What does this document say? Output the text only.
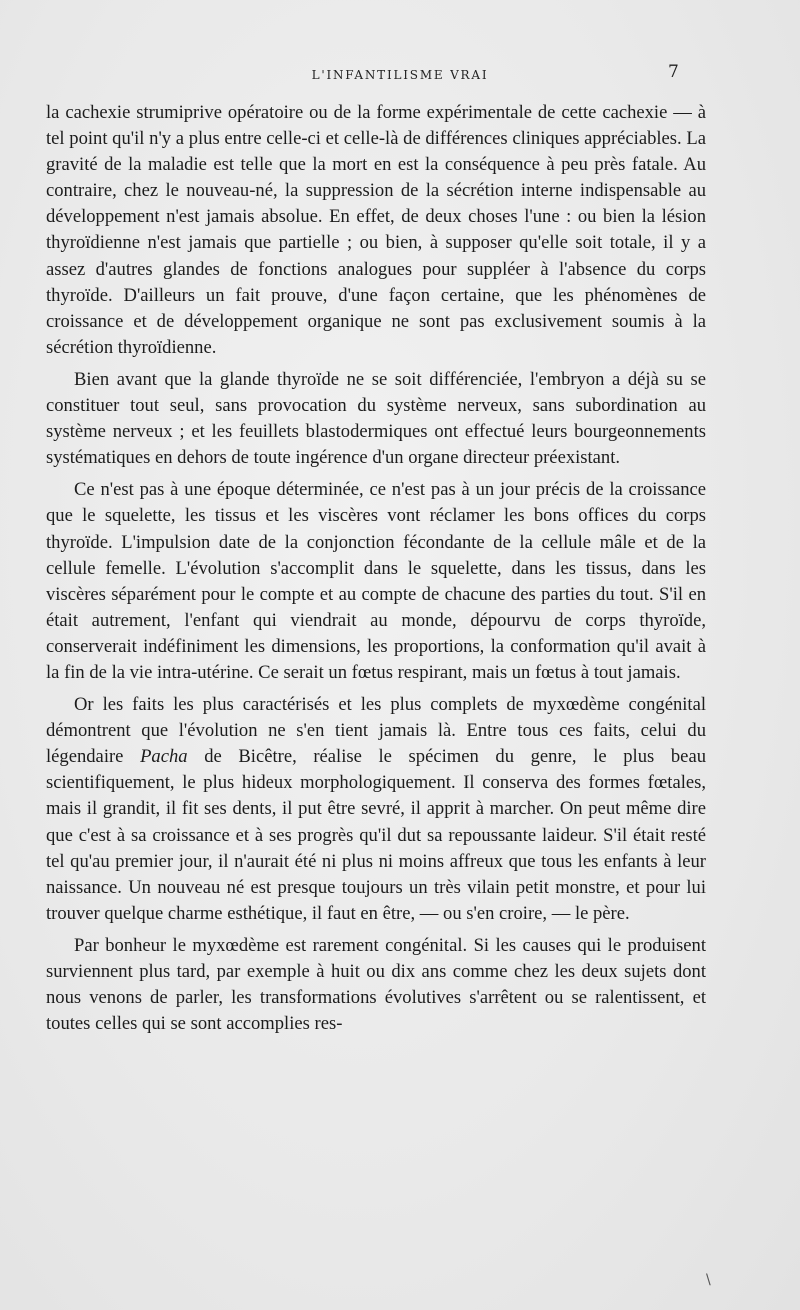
L'INFANTILISME VRAI	7

la cachexie strumiprive opératoire ou de la forme expérimentale de cette cachexie — à tel point qu'il n'y a plus entre celle-ci et celle-là de différences cliniques appréciables. La gravité de la maladie est telle que la mort en est la conséquence à peu près fatale. Au contraire, chez le nouveau-né, la suppression de la sécrétion interne indispensable au développement n'est jamais absolue. En effet, de deux choses l'une : ou bien la lésion thyroïdienne n'est jamais que partielle ; ou bien, à supposer qu'elle soit totale, il y a assez d'autres glandes de fonctions analogues pour suppléer à l'absence du corps thyroïde. D'ailleurs un fait prouve, d'une façon certaine, que les phénomènes de croissance et de développement organique ne sont pas exclusivement soumis à la sécrétion thyroïdienne.

Bien avant que la glande thyroïde ne se soit différenciée, l'embryon a déjà su se constituer tout seul, sans provocation du système nerveux, sans subordination au système nerveux ; et les feuillets blastodermiques ont effectué leurs bourgeonnements systématiques en dehors de toute ingérence d'un organe directeur préexistant.

Ce n'est pas à une époque déterminée, ce n'est pas à un jour précis de la croissance que le squelette, les tissus et les viscères vont réclamer les bons offices du corps thyroïde. L'impulsion date de la conjonction fécondante de la cellule mâle et de la cellule femelle. L'évolution s'accomplit dans le squelette, dans les tissus, dans les viscères séparément pour le compte et au compte de chacune des parties du tout. S'il en était autrement, l'enfant qui viendrait au monde, dépourvu de corps thyroïde, conserverait indéfiniment les dimensions, les proportions, la conformation qu'il avait à la fin de la vie intra-utérine. Ce serait un fœtus respirant, mais un fœtus à tout jamais.

Or les faits les plus caractérisés et les plus complets de myxœdème congénital démontrent que l'évolution ne s'en tient jamais là. Entre tous ces faits, celui du légendaire Pacha de Bicêtre, réalise le spécimen du genre, le plus beau scientifiquement, le plus hideux morphologiquement. Il conserva des formes fœtales, mais il grandit, il fit ses dents, il put être sevré, il apprit à marcher. On peut même dire que c'est à sa croissance et à ses progrès qu'il dut sa repoussante laideur. S'il était resté tel qu'au premier jour, il n'aurait été ni plus ni moins affreux que tous les enfants à leur naissance. Un nouveau né est presque toujours un très vilain petit monstre, et pour lui trouver quelque charme esthétique, il faut en être, — ou s'en croire, — le père.

Par bonheur le myxœdème est rarement congénital. Si les causes qui le produisent surviennent plus tard, par exemple à huit ou dix ans comme chez les deux sujets dont nous venons de parler, les transformations évolutives s'arrêtent ou se ralentissent, et toutes celles qui se sont accomplies res-

\
